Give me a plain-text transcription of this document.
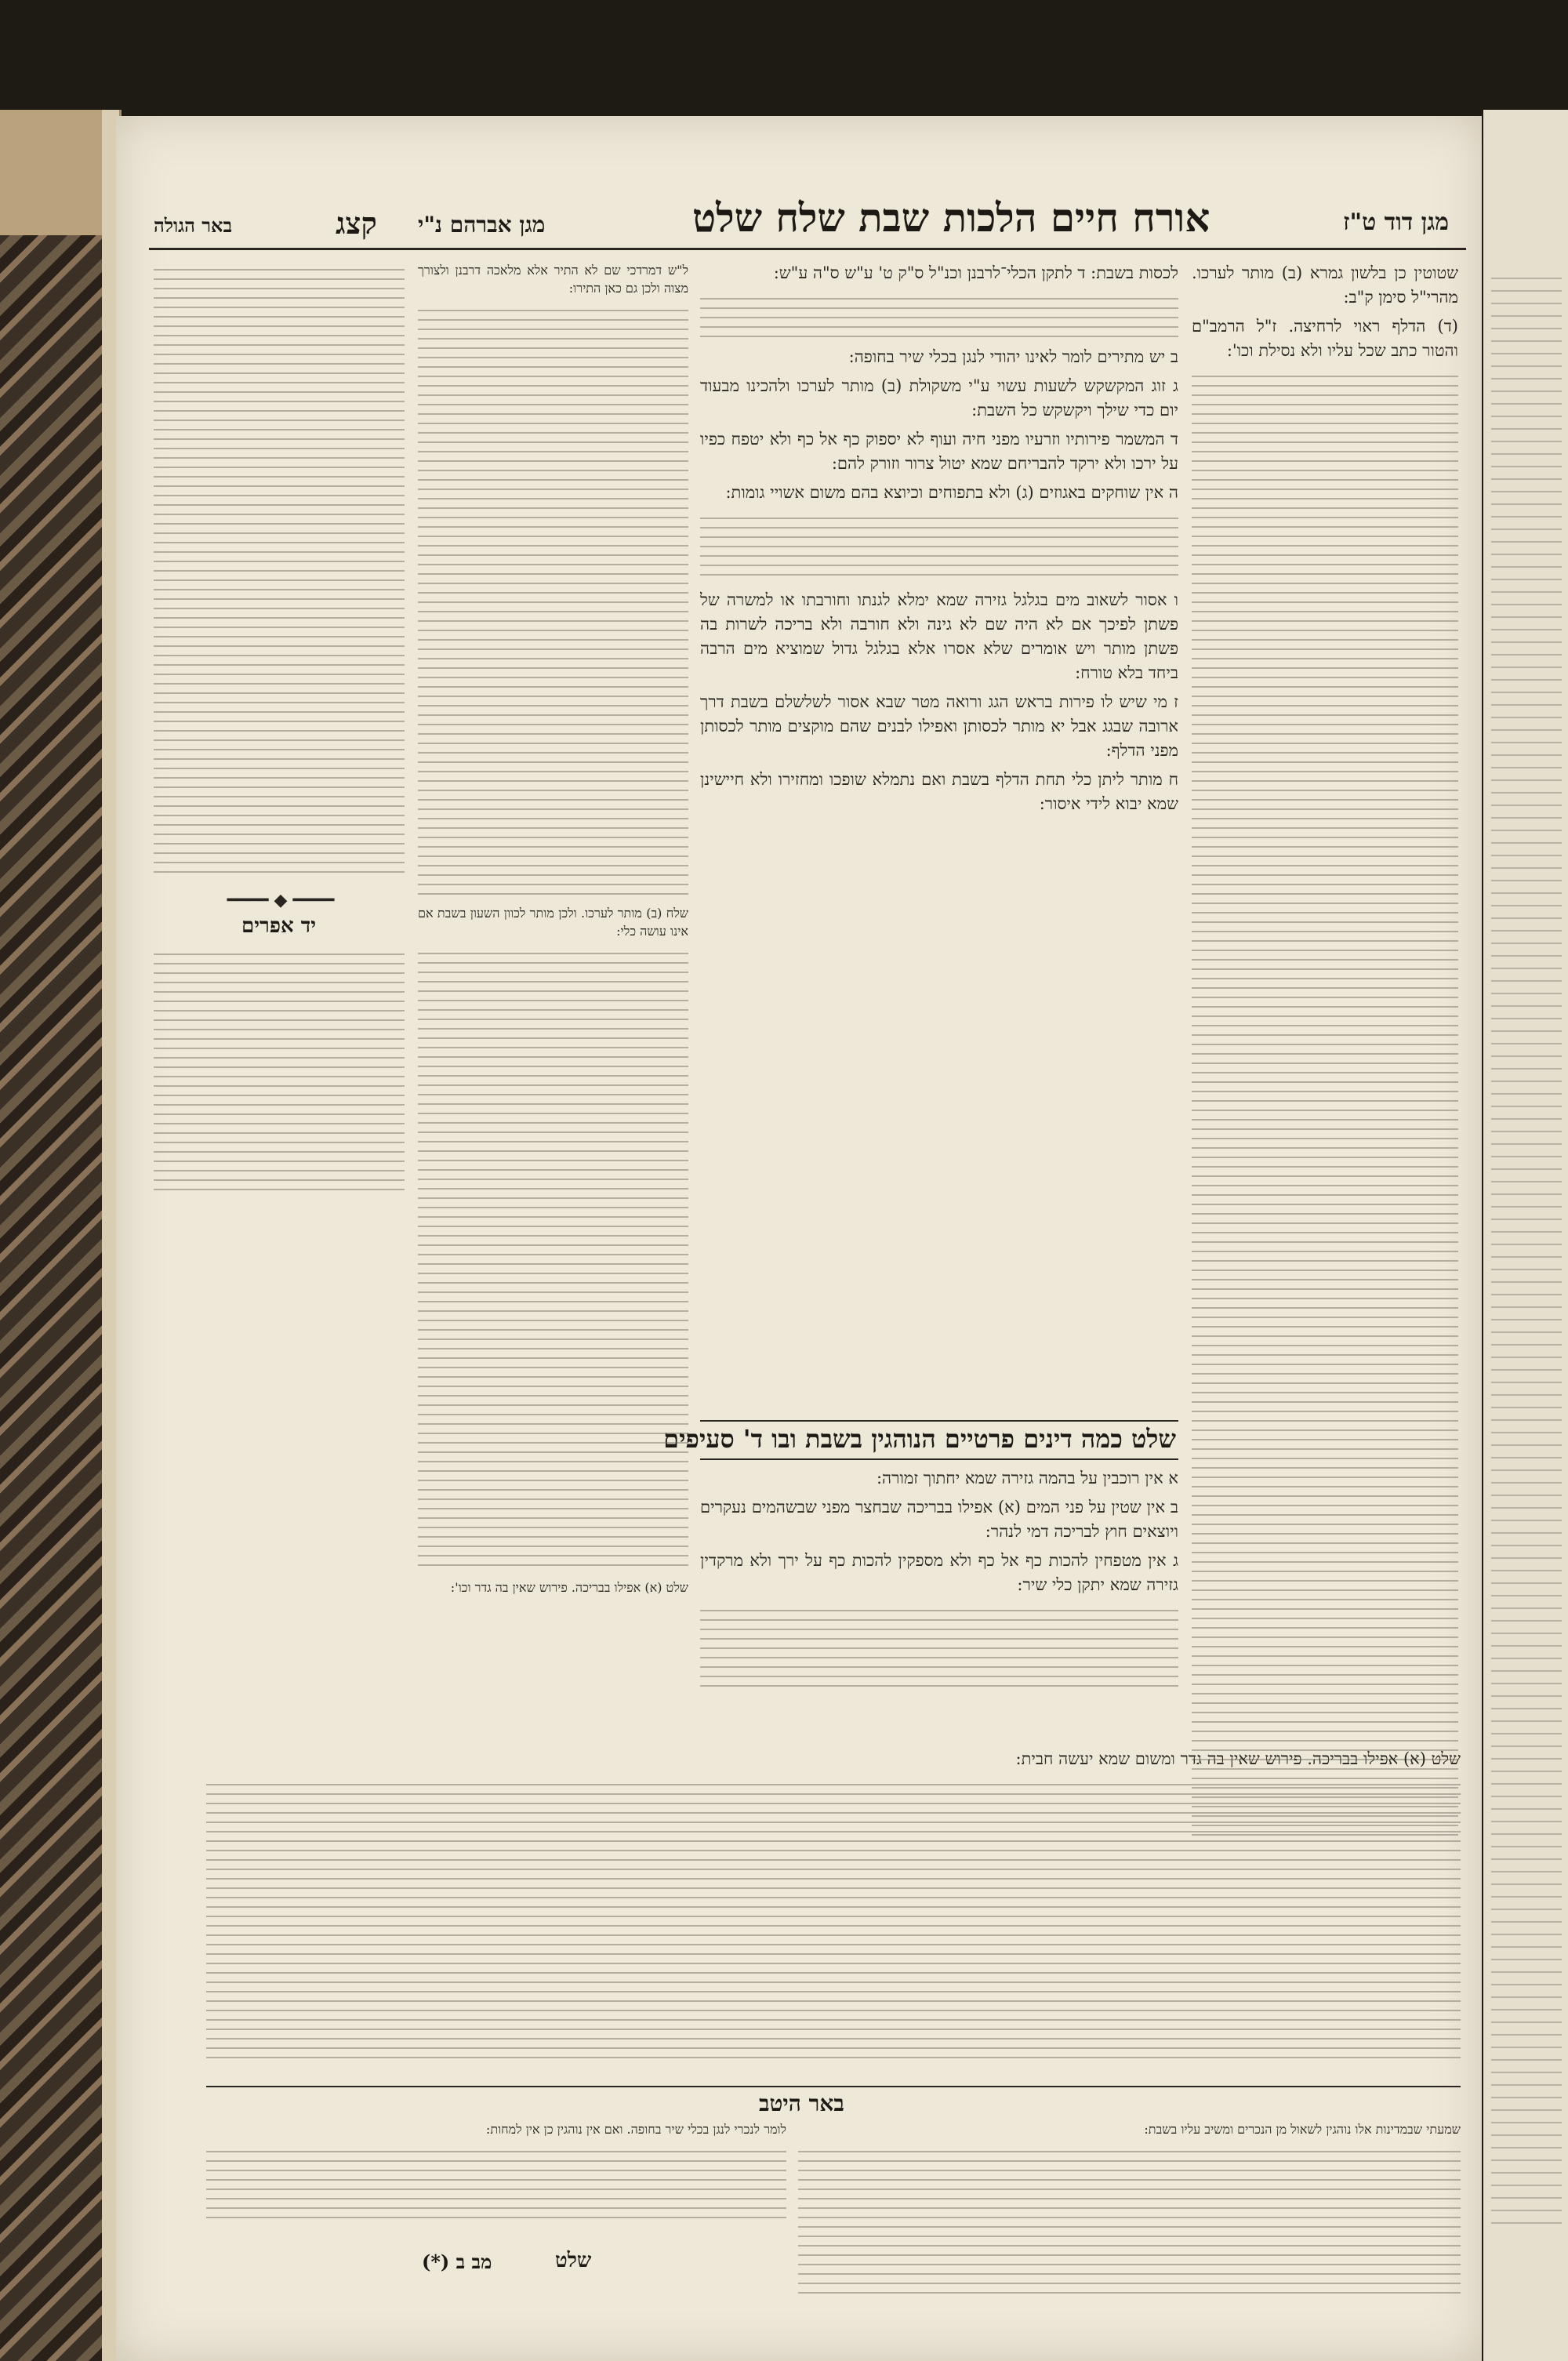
מגן דוד ט"ז
אורח חיים הלכות שבת שלח שלט
מגן אברהם נ"י
קצג
באר הגולה

שטוטין כן בלשון גמרא (ב) מותר לערכו. מהרי"ל סימן ק"ב:

(ד) הדלף ראוי לרחיצה. ז"ל הרמב"ם והטור כתב שכל עליו ולא נסילת וכו':

לכסות בשבת: ד לתקן הכלי־לרבנן וכנ"ל ס"ק ט' ע"ש ס"ה ע"ש:

ב יש מתירים לומר לאינו יהודי לנגן בכלי שיר בחופה:

ג זוג המקשקש לשעות עשוי ע"י משקולת (ב) מותר לערכו ולהכינו מבעוד יום כדי שילך ויקשקש כל השבת:

ד המשמר פירותיו וזרעיו מפני חיה ועוף לא יספוק כף אל כף ולא יטפח כפיו על ירכו ולא ירקד להבריחם שמא יטול צרור וזורק להם:

ה אין שוחקים באגוזים (ג) ולא בתפוחים וכיוצא בהם משום אשויי גומות:

ו אסור לשאוב מים בגלגל גזירה שמא ימלא לגנתו וחורבתו או למשרה של פשתן לפיכך אם לא היה שם לא גינה ולא חורבה ולא בריכה לשרות בה פשתן מותר ויש אומרים שלא אסרו אלא בגלגל גדול שמוציא מים הרבה ביחד בלא טורח:

ז מי שיש לו פירות בראש הגג ורואה מטר שבא אסור לשלשלם בשבת דרך ארובה שבגג אבל יא מותר לכסותן ואפילו לבנים שהם מוקצים מותר לכסותן מפני הדלף:

ח מותר ליתן כלי תחת הדלף בשבת ואם נתמלא שופכו ומחזירו ולא חיישינן שמא יבוא לידי איסור:

שלט כמה דינים פרטיים הנוהגין בשבת ובו ד' סעיפים

א אין רוכבין על בהמה גזירה שמא יחתוך זמורה:

ב אין שטין על פני המים (א) אפילו בבריכה שבחצר מפני שבשהמים נעקרים ויוצאים חוץ לבריכה דמי לנהר:

ג אין מטפחין להכות כף אל כף ולא מספקין להכות כף על ירך ולא מרקדין גזירה שמא יתקן כלי שיר:

ל"ש דמרדכי שם לא התיר אלא מלאכה דרבנן ולצורך מצוה ולכן גם כאן התירו:

שלח (ב) מותר לערכו. ולכן מותר לכוון השעון בשבת אם אינו עושה כלי:

שלט (א) אפילו בבריכה. פירוש שאין בה גדר וכו':

━━━━ ◆ ━━━━
יד אפרים

שלט (א) אפילו בבריכה. פירוש שאין בה גדר ומשום שמא יעשה חבית:

באר היטב

שמעתי שבמדינות אלו נוהגין לשאול מן הנכרים ומשיב עליו בשבת:

לומר לנכרי לנגן בכלי שיר בחופה. ואם אין נוהגין כן אין למחות:

שלט
(*) מב ב
